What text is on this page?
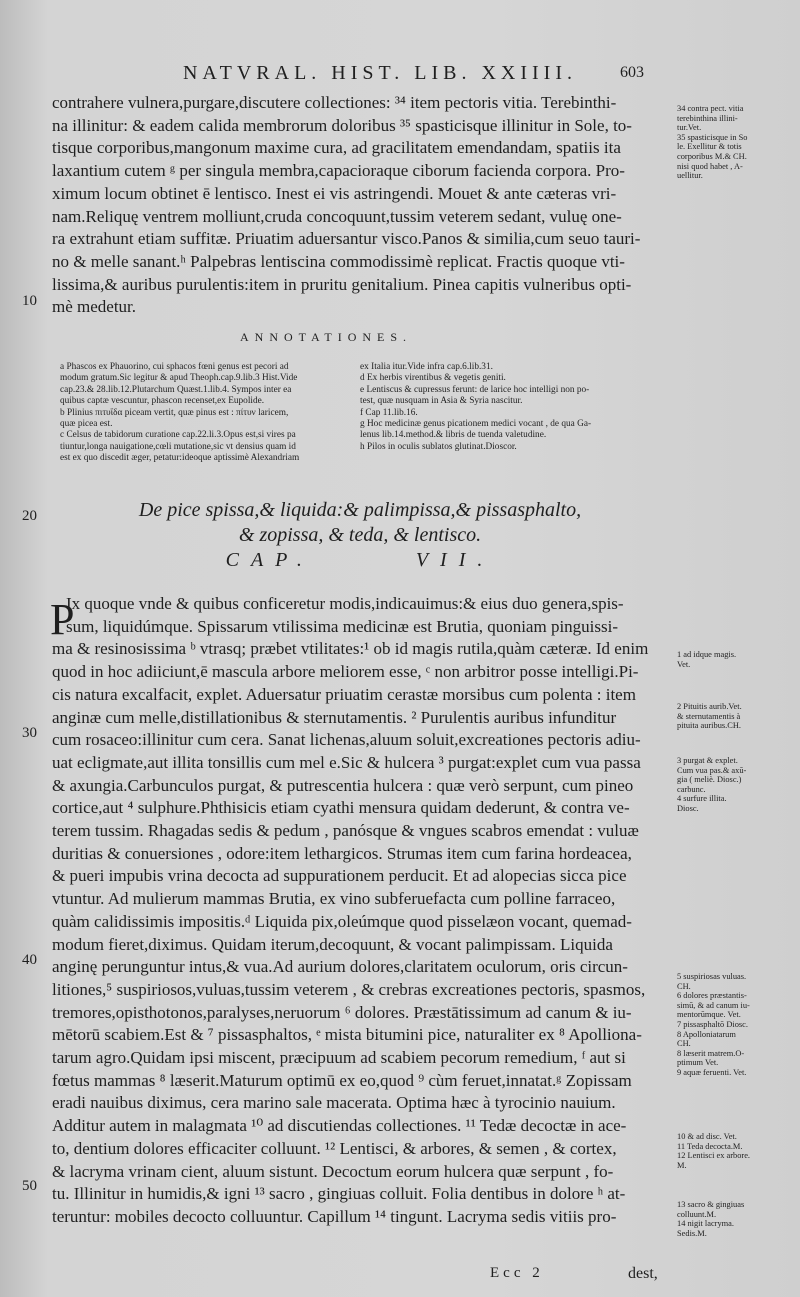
NATVRAL. HIST. LIB. XXIIII.	603
contrahere vulnera,purgare,discutere collectiones: ³⁴ item pectoris vitia. Terebinthi-
na illinitur: & eadem calida membrorum doloribus ³⁵ spasticisque illinitur in Sole, to-
tisque corporibus,mangonum maxime cura, ad gracilitatem emendandam, spatiis ita
laxantium cutem ᵍ per singula membra,capacioraque ciborum facienda corpora. Pro-
ximum locum obtinet ē lentisco. Inest ei vis astringendi. Mouet & ante cæteras vri-
nam.Reliquę ventrem molliunt,cruda concoquunt,tussim veterem sedant, vuluę one-
ra extrahunt etiam suffitæ. Priuatim aduersantur visco.Panos & similia,cum seuo tauri-
no & melle sanant.ʰ Palpebras lentiscina commodissimè replicat. Fractis quoque vti-
lissima,& auribus purulentis:item in pruritu genitalium. Pinea capitis vulneribus opti-
mè medetur.
10
ANNOTATIONES.
a Phascos ex Phauorino, cui sphacos fœni genus est pecori ad
modum gratum.Sic legitur & apud Theoph.cap.9.lib.3 Hist.Vide
cap.23.& 28.lib.12.Plutarchum Quæst.1.lib.4. Sympos inter ea
quibus captæ vescuntur, phascon recenset,ex Eupolide.
b Plinius πιτυΐδα piceam vertit, quæ pinus est : πίτυν laricem,
quæ picea est.
c Celsus de tabidorum curatione cap.22.li.3.Opus est,si vires pa
tiuntur,longa nauigatione,cœli mutatione,sic vt densius quam id
est ex quo discedit æger, petatur:ideoque aptissimè Alexandriam
ex Italia itur.Vide infra cap.6.lib.31.
d Ex herbis virentibus & vegetis geniti.
e Lentiscus & cupressus ferunt: de larice hoc intelligi non po-
test, quæ nusquam in Asia & Syria nascitur.
f Cap 11.lib.16.
g Hoc medicinæ genus picationem medici vocant , de qua Ga-
lenus lib.14.method.& libris de tuenda valetudine.
h Pilos in oculis sublatos glutinat.Dioscor.
20	De pice spissa,& liquida:& palimpissa,& pissasphalto,
& zopissa, & teda, & lentisco.
CAP.	VII.
P
Ix quoque vnde & quibus conficeretur modis,indicauimus:& eius duo genera,spis-
sum, liquidúmque. Spissarum vtilissima medicinæ est Brutia, quoniam pinguissi-
ma & resinosissima ᵇ vtrasq; præbet vtilitates:¹ ob id magis rutila,quàm cæteræ. Id enim
quod in hoc adiiciunt,ē mascula arbore meliorem esse, ᶜ non arbitror posse intelligi.Pi-
cis natura excalfacit, explet. Aduersatur priuatim cerastæ morsibus cum polenta : item
anginæ cum melle,distillationibus & sternutamentis. ² Purulentis auribus infunditur
cum rosaceo:illinitur cum cera. Sanat lichenas,aluum soluit,excreationes pectoris adiu-
uat ecligmate,aut illita tonsillis cum mel e.Sic & hulcera ³ purgat:explet cum vua passa
& axungia.Carbunculos purgat, & putrescentia hulcera : quæ verò serpunt, cum pineo
cortice,aut ⁴ sulphure.Phthisicis etiam cyathi mensura quidam dederunt, & contra ve-
terem tussim. Rhagadas sedis & pedum , panósque & vngues scabros emendat : vuluæ
duritias & conuersiones , odore:item lethargicos. Strumas item cum farina hordeacea,
& pueri impubis vrina decocta ad suppurationem perducit. Et ad alopecias sicca pice
vtuntur. Ad mulierum mammas Brutia, ex vino subferuefacta cum polline farraceo,
quàm calidissimis impositis.ᵈ Liquida pix,oleúmque quod pisselæon vocant, quemad-
modum fieret,diximus. Quidam iterum,decoquunt, & vocant palimpissam. Liquida
anginę perunguntur intus,& vua.Ad aurium dolores,claritatem oculorum, oris circun-
litiones,⁵ suspiriosos,vuluas,tussim veterem , & crebras excreationes pectoris, spasmos,
tremores,opisthotonos,paralyses,neruorum ⁶ dolores. Præstātissimum ad canum & iu-
mētorū scabiem.Est & ⁷ pissasphaltos, ᵉ mista bitumini pice, naturaliter ex ⁸ Apolliona-
tarum agro.Quidam ipsi miscent, præcipuum ad scabiem pecorum remedium, ᶠ aut si
fœtus mammas ⁸ læserit.Maturum optimū ex eo,quod ⁹ cùm feruet,innatat.ᵍ Zopissam
eradi nauibus diximus, cera marino sale macerata. Optima hæc à tyrocinio nauium.
Additur autem in malagmata ¹⁰ ad discutiendas collectiones. ¹¹ Tedæ decoctæ in ace-
to, dentium dolores efficaciter colluunt. ¹² Lentisci, & arbores, & semen , & cortex,
& lacryma vrinam cient, aluum sistunt. Decoctum eorum hulcera quæ serpunt , fo-
tu. Illinitur in humidis,& igni ¹³ sacro , gingiuas colluit. Folia dentibus in dolore ʰ at-
teruntur: mobiles decocto colluuntur. Capillum ¹⁴ tingunt. Lacryma sedis vitiis pro-
30
40
50
34 contra pect. vitia
terebinthina illini-
tur.Vet.
35 spasticisque in So
le. Exellitur & totis
corporibus M.& CH.
nisi quod habet , A-
uellitur.
1 ad idque magis.
Vet.
2 Pituitis aurib.Vet.
& sternutamentis à
pituita auribus.CH.
3 purgat & explet.
Cum vua pas.& axū-
gia ( meliè. Diosc.)
carbunc.
4 surfure illita.
Diosc.
5 suspiriosas vuluas.
CH.
6 dolores præstantis-
simū, & ad canum iu-
mentorūmque. Vet.
7 pissasphaltō Diosc.
8 Apolloniatarum
CH.
8 læserit matrem.O-
ptimum Vet.
9 aquæ feruenti. Vet.
10 & ad disc. Vet.
11 Teda decocta.M.
12 Lentisci ex arbore.
M.
13 sacro & gingiuas
colluunt.M.
14 nigit lacryma.
Sedis.M.
Ecc 2	dest,
